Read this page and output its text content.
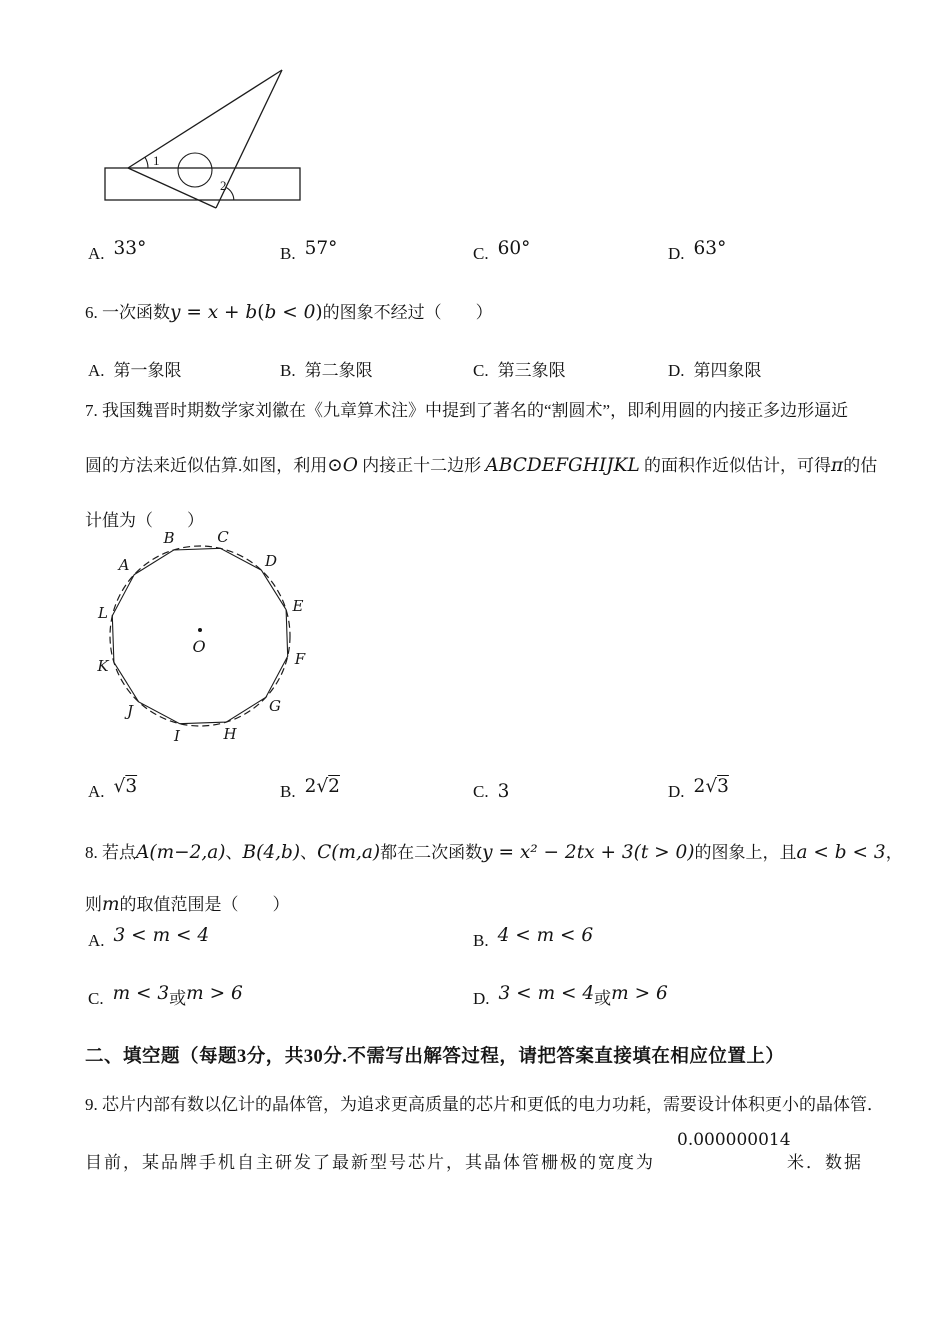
1
2
A. 33°	B. 57°	C. 60°	D. 63°
6. 一次函数y = x + b(b < 0)的图象不经过（　　）
A. 第一象限	B. 第二象限	C. 第三象限	D. 第四象限
7. 我国魏晋时期数学家刘徽在《九章算术注》中提到了著名的“割圆术”，即利用圆的内接正多边形逼近
圆的方法来近似估算.如图，利用⊙O 内接正十二边形 ABCDEFGHIJKL 的面积作近似估计，可得π的估
计值为（　　）
A
B	C
D
E
F
G
H
I
J
K
L
O
A. √3	B. 2√2	C. 3	D. 2√3
8. 若点A(m−2,a)、B(4,b)、C(m,a)都在二次函数y = x² − 2tx + 3(t > 0)的图象上，且a < b < 3，
则m的取值范围是（　　）
A. 3 < m < 4	B. 4 < m < 6
C. m < 3或m > 6	D. 3 < m < 4或m > 6
二、填空题（每题3分，共30分.不需写出解答过程，请把答案直接填在相应位置上）
9. 芯片内部有数以亿计的晶体管，为追求更高质量的芯片和更低的电力功耗，需要设计体积更小的晶体管．
目前，某品牌手机自主研发了最新型号芯片，其晶体管栅极的宽度为
0.000000014
米．数据
